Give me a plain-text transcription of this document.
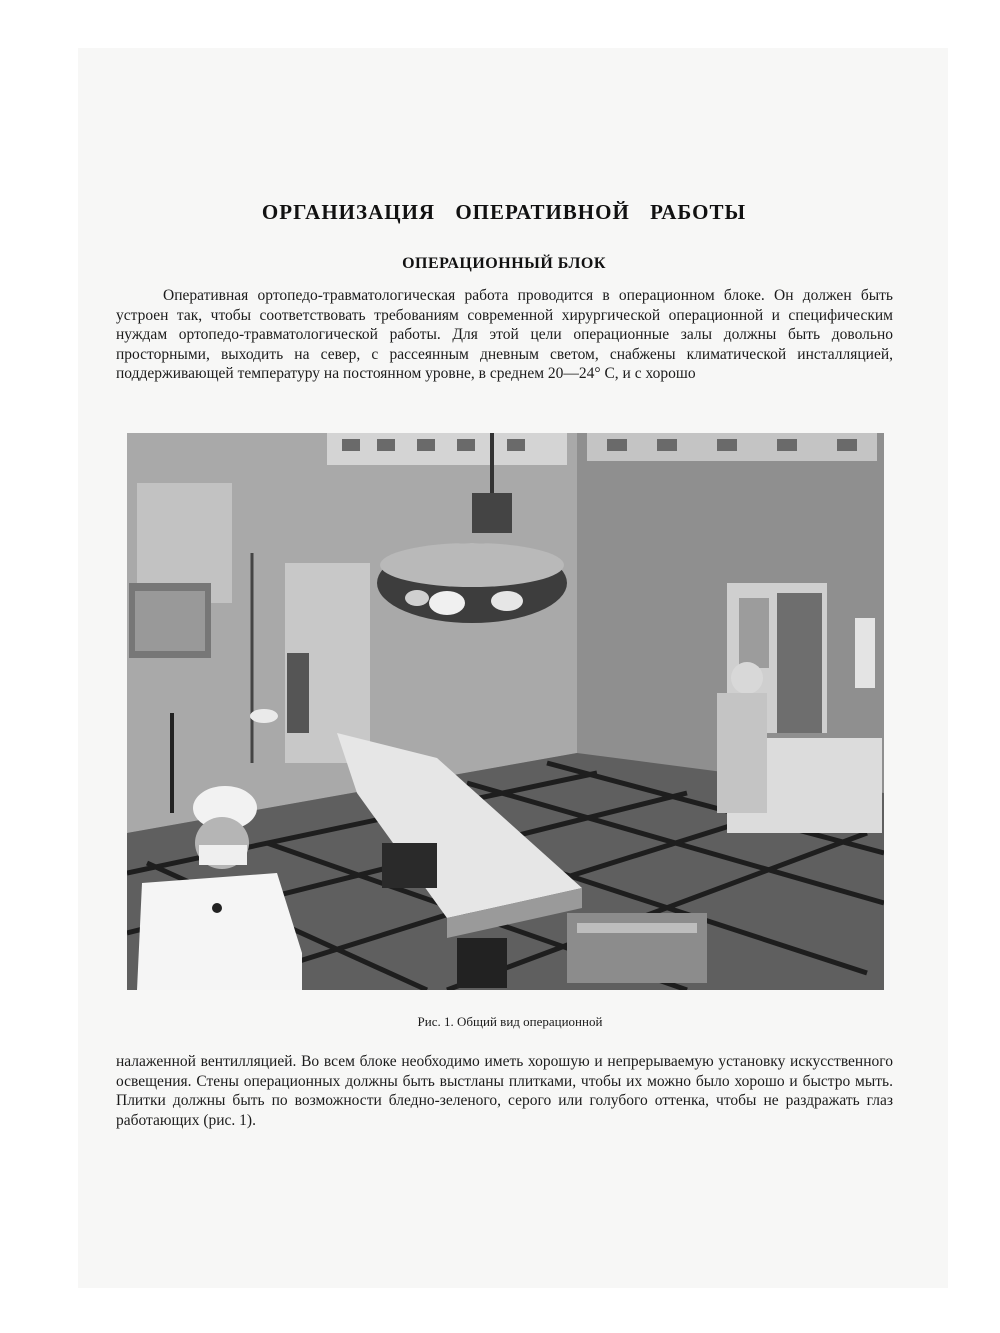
ОРГАНИЗАЦИЯ ОПЕРАТИВНОЙ РАБОТЫ
ОПЕРАЦИОННЫЙ БЛОК

Оперативная ортопедо-травматологическая работа проводится в операционном блоке. Он должен быть устроен так, чтобы соответствовать требованиям современной хирургической операционной и специфическим нуждам ортопедо-травматологической работы. Для этой цели операционные залы должны быть довольно просторными, выходить на север, с рассеянным дневным светом, снабжены климатической инсталляцией, поддерживающей температуру на постоянном уровне, в среднем 20—24° С, и с хорошо

Рис. 1. Общий вид операционной

налаженной вентилляцией. Во всем блоке необходимо иметь хорошую и непрерываемую установку искусственного освещения. Стены операционных должны быть выстланы плитками, чтобы их можно было хорошо и быстро мыть. Плитки должны быть по возможности бледно-зеленого, серого или голубого оттенка, чтобы не раздражать глаз работающих (рис. 1).
